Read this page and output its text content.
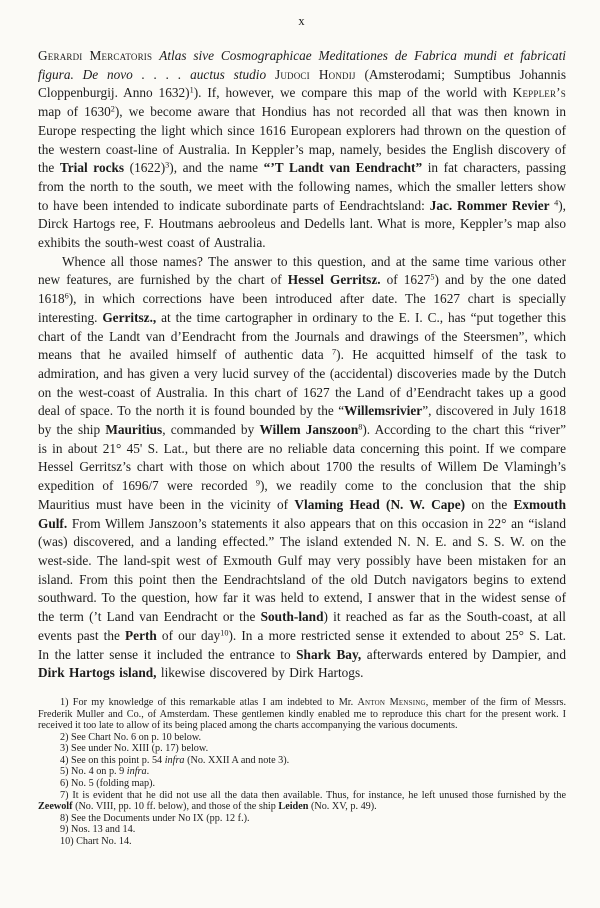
x

Gerardi Mercatoris Atlas sive Cosmographicae Meditationes de Fabrica mundi et fabricati figura. De novo . . . . auctus studio Judoci Hondij (Amsterodami; Sumptibus Johannis Cloppenburgij. Anno 1632)$^1$). If, however, we compare this map of the world with Keppler’s map of 1630$^2$), we become aware that Hondius has not recorded all that was then known in Europe respecting the light which since 1616 European explorers had thrown on the question of the western coast-line of Australia. In Keppler’s map, namely, besides the English discovery of the Trial rocks $(1622)^3$), and the name “’T Landt van Eendracht” in fat characters, passing from the north to the south, we meet with the following names, which the smaller letters show to have been intended to indicate subordinate parts of Eendrachtsland: Jac. Rommer Revier $^4$), Dirck Hartogs ree, F. Houtmans aebrooleus and Dedells lant. What is more, Keppler’s map also exhibits the south-west coast of Australia.

Whence all those names? The answer to this question, and at the same time various other new features, are furnished by the chart of Hessel Gerritsz. of 1627$^5$) and by the one dated 1618$^6$), in which corrections have been introduced after date. The 1627 chart is specially interesting. Gerritsz., at the time cartographer in ordinary to the E. I. C., has “put together this chart of the Landt van d’Eendracht from the Journals and drawings of the Steersmen”, which means that he availed himself of authentic data $^7$). He acquitted himself of the task to admiration, and has given a very lucid survey of the (accidental) discoveries made by the Dutch on the west-coast of Australia. In this chart of 1627 the Land of d’Eendracht takes up a good deal of space. To the north it is found bounded by the “Willemsrivier”, discovered in July 1618 by the ship Mauritius, commanded by Willem Janszoon$^8$). According to the chart this “river” is in about 21° 45' S. Lat., but there are no reliable data concerning this point. If we compare Hessel Gerritsz’s chart with those on which about 1700 the results of Willem De Vlamingh’s expedition of 1696/7 were recorded $^9$), we readily come to the conclusion that the ship Mauritius must have been in the vicinity of Vlaming Head (N. W. Cape) on the Exmouth Gulf. From Willem Janszoon’s statements it also appears that on this occasion in 22° an “island (was) discovered, and a landing effected.” The island extended N. N. E. and S. S. W. on the west-side. The land-spit west of Exmouth Gulf may very possibly have been mistaken for an island. From this point then the Eendrachtsland of the old Dutch navigators begins to extend southward. To the question, how far it was held to extend, I answer that in the widest sense of the term (’t Land van Eendracht or the South-land) it reached as far as the South-coast, at all events past the Perth of our day$^{10}$). In a more restricted sense it extended to about 25° S. Lat. In the latter sense it included the entrance to Shark Bay, afterwards entered by Dampier, and Dirk Hartogs island, likewise discovered by Dirk Hartogs.

1) For my knowledge of this remarkable atlas I am indebted to Mr. Anton Mensing, member of the firm of Messrs. Frederik Muller and Co., of Amsterdam. These gentlemen kindly enabled me to reproduce this chart for the present work. I received it too late to allow of its being placed among the charts accompanying the various documents.

2) See Chart No. 6 on p. 10 below.

3) See under No. XIII (p. 17) below.

4) See on this point p. 54 infra (No. XXII A and note 3).

5) No. 4 on p. 9 infra.

6) No. 5 (folding map).

7) It is evident that he did not use all the data then available. Thus, for instance, he left unused those furnished by the Zeewolf (No. VIII, pp. 10 ff. below), and those of the ship Leiden (No. XV, p. 49).

8) See the Documents under No IX (pp. 12 f.).

9) Nos. 13 and 14.

10) Chart No. 14.
